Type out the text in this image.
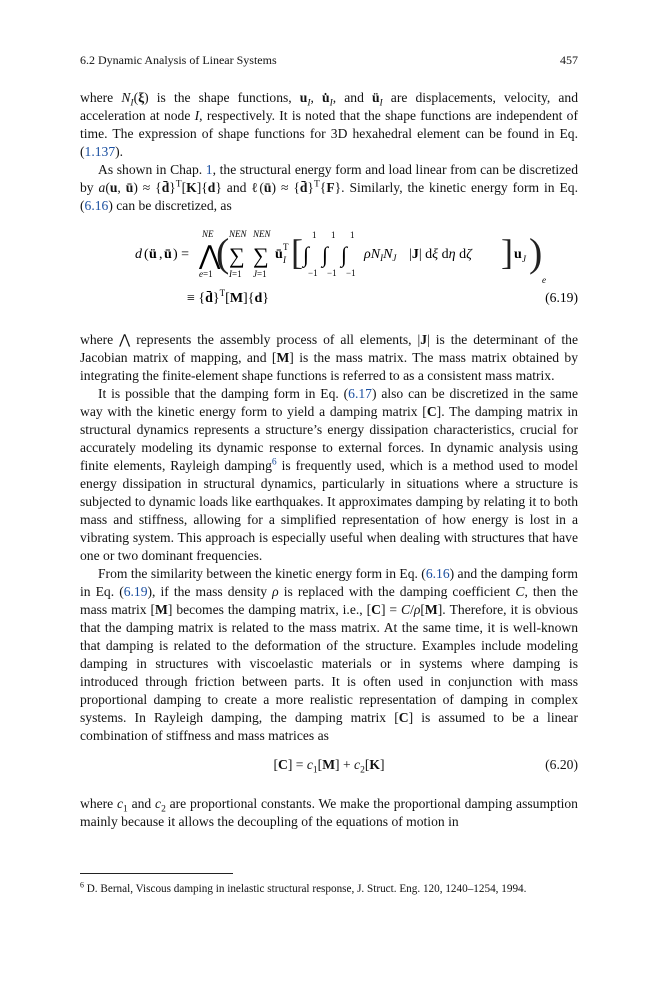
6.2 Dynamic Analysis of Linear Systems	457

where $N_I(\xi)$ is the shape functions, $u_I$, $u̇_I$, and $ü_I$ are displacements, velocity, and acceleration at node I, respectively. It is noted that the shape functions are independent of time. The expression of shape functions for 3D hexahedral element can be found in Eq. (1.137).

As shown in Chap. 1, the structural energy form and load linear from can be discretized by a(u, ū) ≈ {d̄}$^T$[K]{d} and ℓ(ū) ≈ {d̄}$^T${F}. Similarly, the kinetic energy form in Eq. (6.16) can be discretized, as

d ( ü , ū ) =
NE
⋀
e=1 ( NEN
∑
I=1
NEN
∑
J=1
ū T
I [ ∫
1
−1
∫
1
−1
∫
1
−1
$\rho N_IN_J$ |J| dξ dη dζ ] u J )
e
≡ {d̄}$^T$[M]{d}	(6.19)

where ⋀ represents the assembly process of all elements, |J| is the determinant of the Jacobian matrix of mapping, and [M] is the mass matrix. The mass matrix obtained by integrating the finite-element shape functions is referred to as a consistent mass matrix.

It is possible that the damping form in Eq. (6.17) also can be discretized in the same way with the kinetic energy form to yield a damping matrix [C]. The damping matrix in structural dynamics represents a structure’s energy dissipation characteristics, crucial for accurately modeling its dynamic response to external forces. In dynamic analysis using finite elements, Rayleigh damping$^6$ is frequently used, which is a method used to model energy dissipation in structural dynamics, particularly in situations where a structure is subjected to dynamic loads like earthquakes. It approximates damping by relating it to both mass and stiffness, allowing for a simplified representation of how energy is lost in a vibrating system. This approach is especially useful when dealing with structures that have one or two dominant frequencies.

From the similarity between the kinetic energy form in Eq. (6.16) and the damping form in Eq. (6.19), if the mass density ρ is replaced with the damping coefficient C, then the mass matrix [M] becomes the damping matrix, i.e., [C] = C/ρ[M]. Therefore, it is obvious that the damping matrix is related to the mass matrix. At the same time, it is well-known that damping is related to the deformation of the structure. Examples include modeling damping in structures with viscoelastic materials or in systems where damping is introduced through friction between parts. It is often used in conjunction with mass proportional damping to create a more realistic representation of damping in complex systems. In Rayleigh damping, the damping matrix [C] is assumed to be a linear combination of stiffness and mass matrices as

$[C] = c_1[M] + c_2[K]$	(6.20)

where $c_1$ and $c_2$ are proportional constants. We make the proportional damping assumption mainly because it allows the decoupling of the equations of motion in

$^6$ D. Bernal, Viscous damping in inelastic structural response, J. Struct. Eng. 120, 1240–1254, 1994.
